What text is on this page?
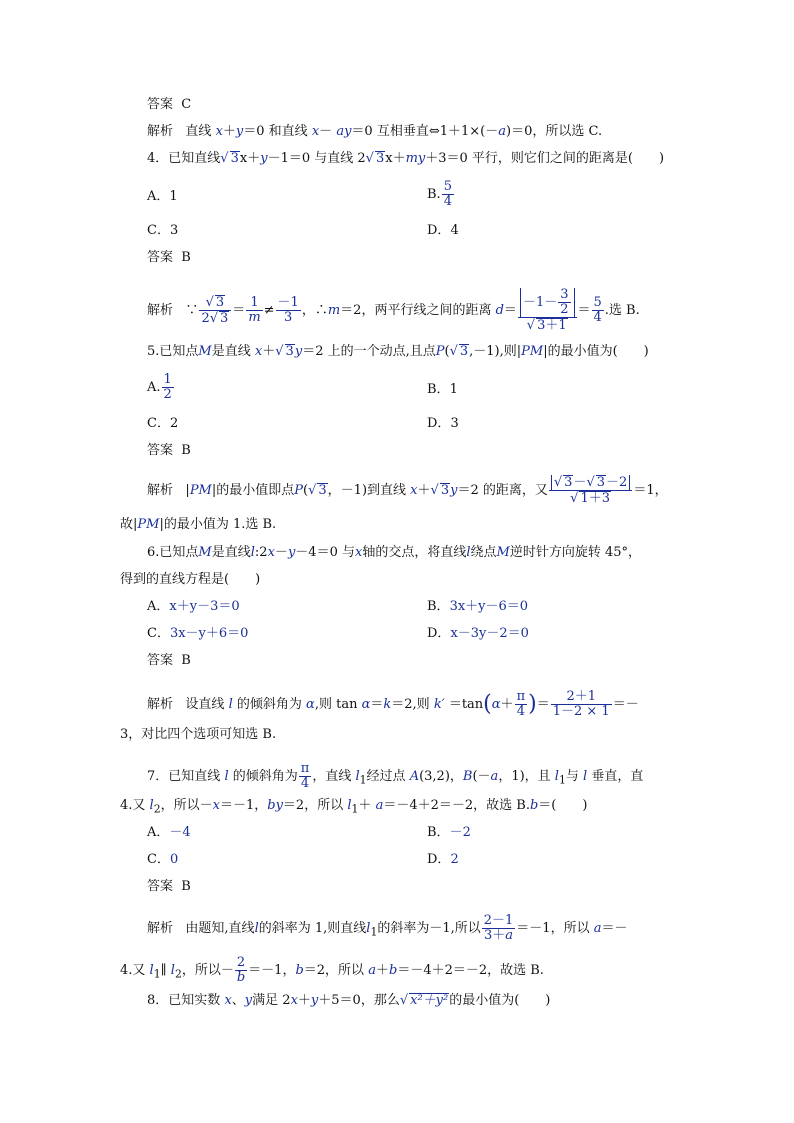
答案 C
解析 直线 x＋y＝0 和直线 x－ ay＝0 互相垂直⇔1＋1×(－a)＝0，所以选 C.
4．已知直线√ 3x＋y－1＝0 与直线 2√ 3x＋my＋3＝0 平行，则它们之间的距离是(　　)
A．1	B. $\frac{5}{4}$
C．3	D．4
答案 B
解析 ∵ $\frac{√ 3}{2√ 3} = \frac{1}{m} \ne \frac{-1}{3}$ ，∴m＝2，两平行线之间的距离 $d= \frac{-1- \frac{3}{2}}{√ 3+1} = \frac{5}{4}$ .选 B.
5.已知点M是直线 x＋√ 3y＝2 上的一个动点,且点P(√ 3,－1),则|PM|的最小值为(　　)
A. $\frac{1}{2}$	B．1
C．2	D．3
答案 B
解析 |PM|的最小值即点P(√ 3，－1)到直线 x＋√ 3y＝2 的距离，又 $\frac{√ 3-√ 3-2}{√ 1+3} =1$，
故|PM|的最小值为 1.选 B.
6.已知点M是直线l:2x－y－4＝0 与x轴的交点，将直线l绕点M逆时针方向旋转 45°，
得到的直线方程是(　　)
A．x＋y－3＝0	B．3x＋y－6＝0
C．3x－y＋6＝0	D．x－3y－2＝0
答案 B
解析 设直线 l 的倾斜角为 α,则 tan α＝k＝2,则 $k' =\tan(\alpha+ \frac{\pi}{4}$ )＝ $\frac{2+1}{1-2 \times 1}$ ＝－
3，对比四个选项可知选 B.
7．已知直线 l 的倾斜角为 $\frac{\pi}{4}$ ，直线 $l_1$经过点 A(3,2)，B(－a，1)，且 $l_1$与 l 垂直，直
4.又 $l_2$，所以－x＝－1，by＝2，所以 $l_1+ a=-4+2=-2$，故选 B.b＝(　　)
A．－4	B．－2
C．0	D．2
答案 B
解析 由题知,直线l的斜率为 1,则直线$l_1$的斜率为－1,所以 $\frac{2-1}{3+a} =-1$，所以 a＝－
4.又 $l_1\parallel$ $l_2$，所以－ $\frac{2}{b} =-1$，b＝2，所以 a＋b＝－4＋2＝－2，故选 B.
8．已知实数 x、y满足 2x＋y＋5＝0，那么√ x²＋y²的最小值为(　　)
